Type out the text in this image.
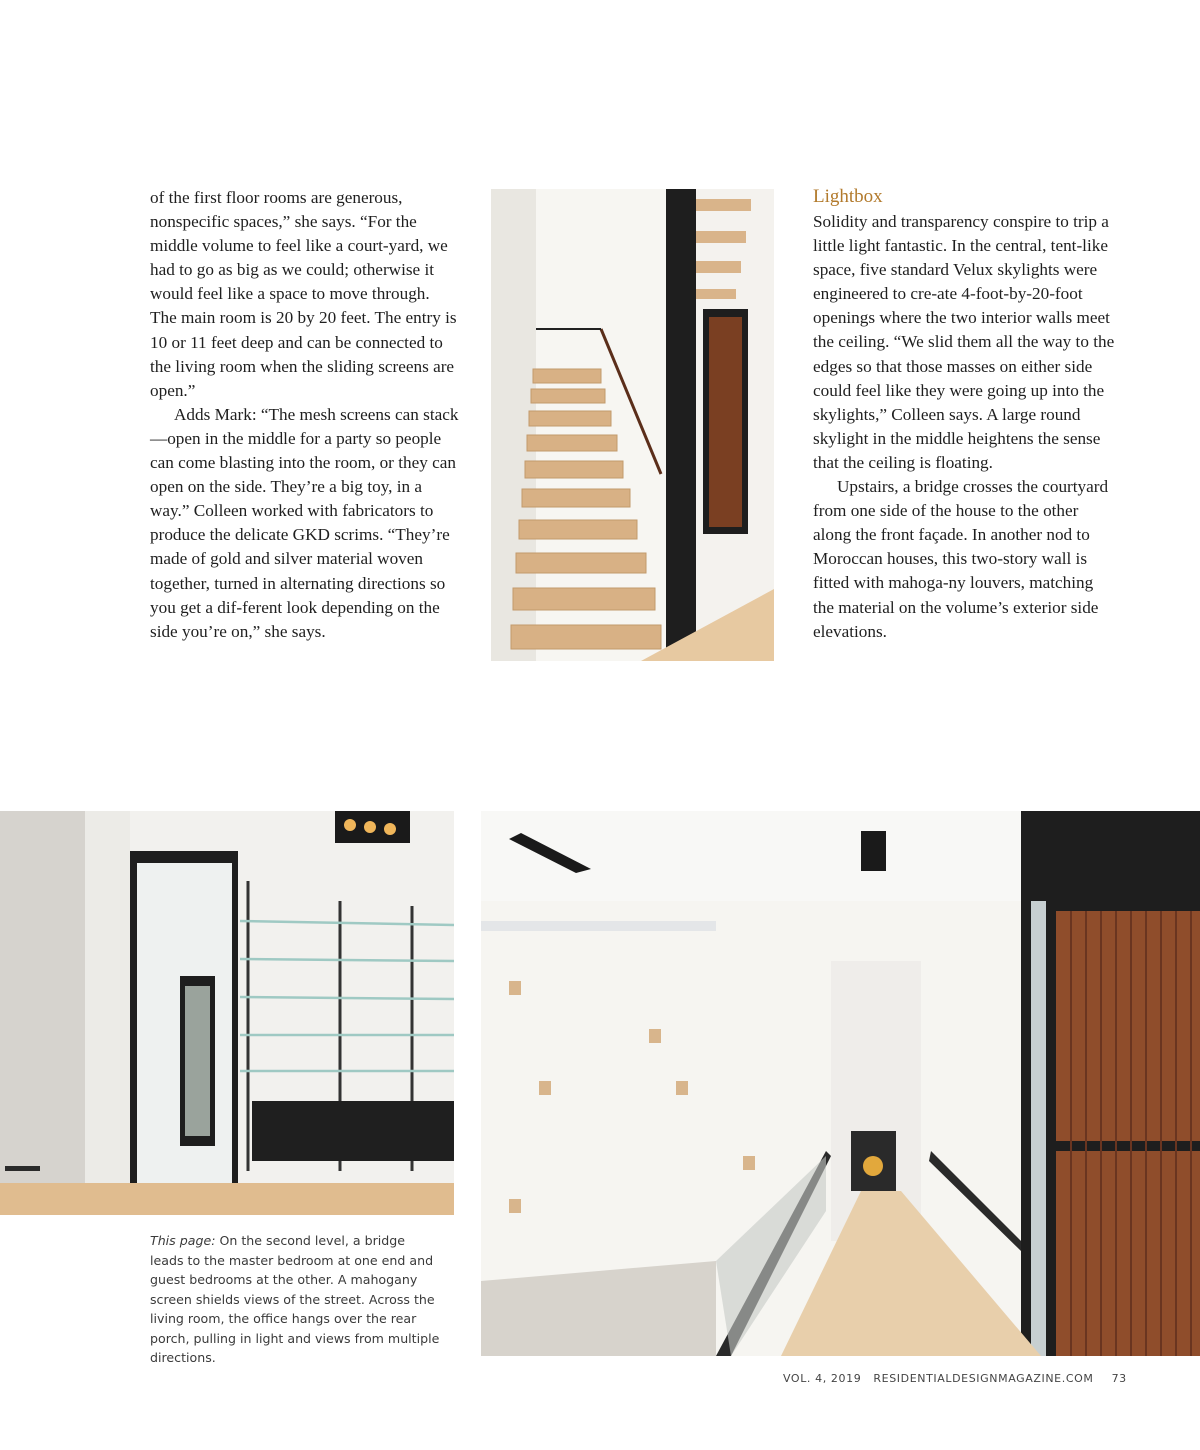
of the first floor rooms are generous, nonspecific spaces,” she says. “For the middle volume to feel like a court-yard, we had to go as big as we could; otherwise it would feel like a space to move through. The main room is 20 by 20 feet. The entry is 10 or 11 feet deep and can be connected to the living room when the sliding screens are open.”

Adds Mark: “The mesh screens can stack—open in the middle for a party so people can come blasting into the room, or they can open on the side. They’re a big toy, in a way.” Colleen worked with fabricators to produce the delicate GKD scrims. “They’re made of gold and silver material woven together, turned in alternating directions so you get a dif-ferent look depending on the side you’re on,” she says.

Lightbox

Solidity and transparency conspire to trip a little light fantastic. In the central, tent-like space, five standard Velux skylights were engineered to cre-ate 4-foot-by-20-foot openings where the two interior walls meet the ceiling. “We slid them all the way to the edges so that those masses on either side could feel like they were going up into the skylights,” Colleen says. A large round skylight in the middle heightens the sense that the ceiling is floating.

Upstairs, a bridge crosses the courtyard from one side of the house to the other along the front façade. In another nod to Moroccan houses, this two-story wall is fitted with mahoga-ny louvers, matching the material on the volume’s exterior side elevations.

This page: On the second level, a bridge leads to the master bedroom at one end and guest bedrooms at the other. A mahogany screen shields views of the street. Across the living room, the office hangs over the rear porch, pulling in light and views from multiple directions.
VOL. 4, 2019 RESIDENTIALDESIGNMAGAZINE.COM 73
